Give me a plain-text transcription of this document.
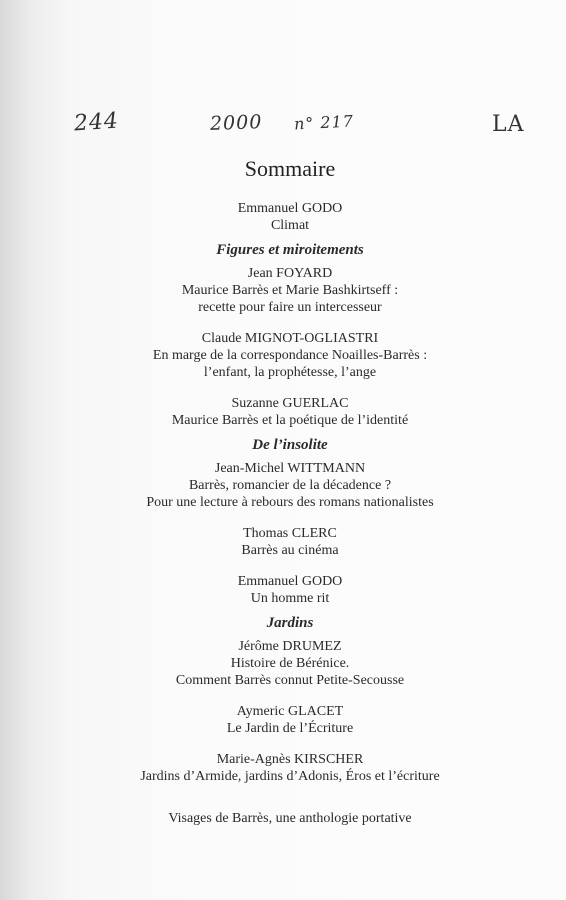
244	2000 n° 217	LA
Sommaire
Emmanuel GODO
Climat
Figures et miroitements
Jean FOYARD
Maurice Barrès et Marie Bashkirtseff :
recette pour faire un intercesseur
Claude MIGNOT-OGLIASTRI
En marge de la correspondance Noailles-Barrès :
l’enfant, la prophétesse, l’ange
Suzanne GUERLAC
Maurice Barrès et la poétique de l’identité
De l’insolite
Jean-Michel WITTMANN
Barrès, romancier de la décadence ?
Pour une lecture à rebours des romans nationalistes
Thomas CLERC
Barrès au cinéma
Emmanuel GODO
Un homme rit
Jardins
Jérôme DRUMEZ
Histoire de Bérénice.
Comment Barrès connut Petite-Secousse
Aymeric GLACET
Le Jardin de l’Écriture
Marie-Agnès KIRSCHER
Jardins d’Armide, jardins d’Adonis, Éros et l’écriture
Visages de Barrès, une anthologie portative
